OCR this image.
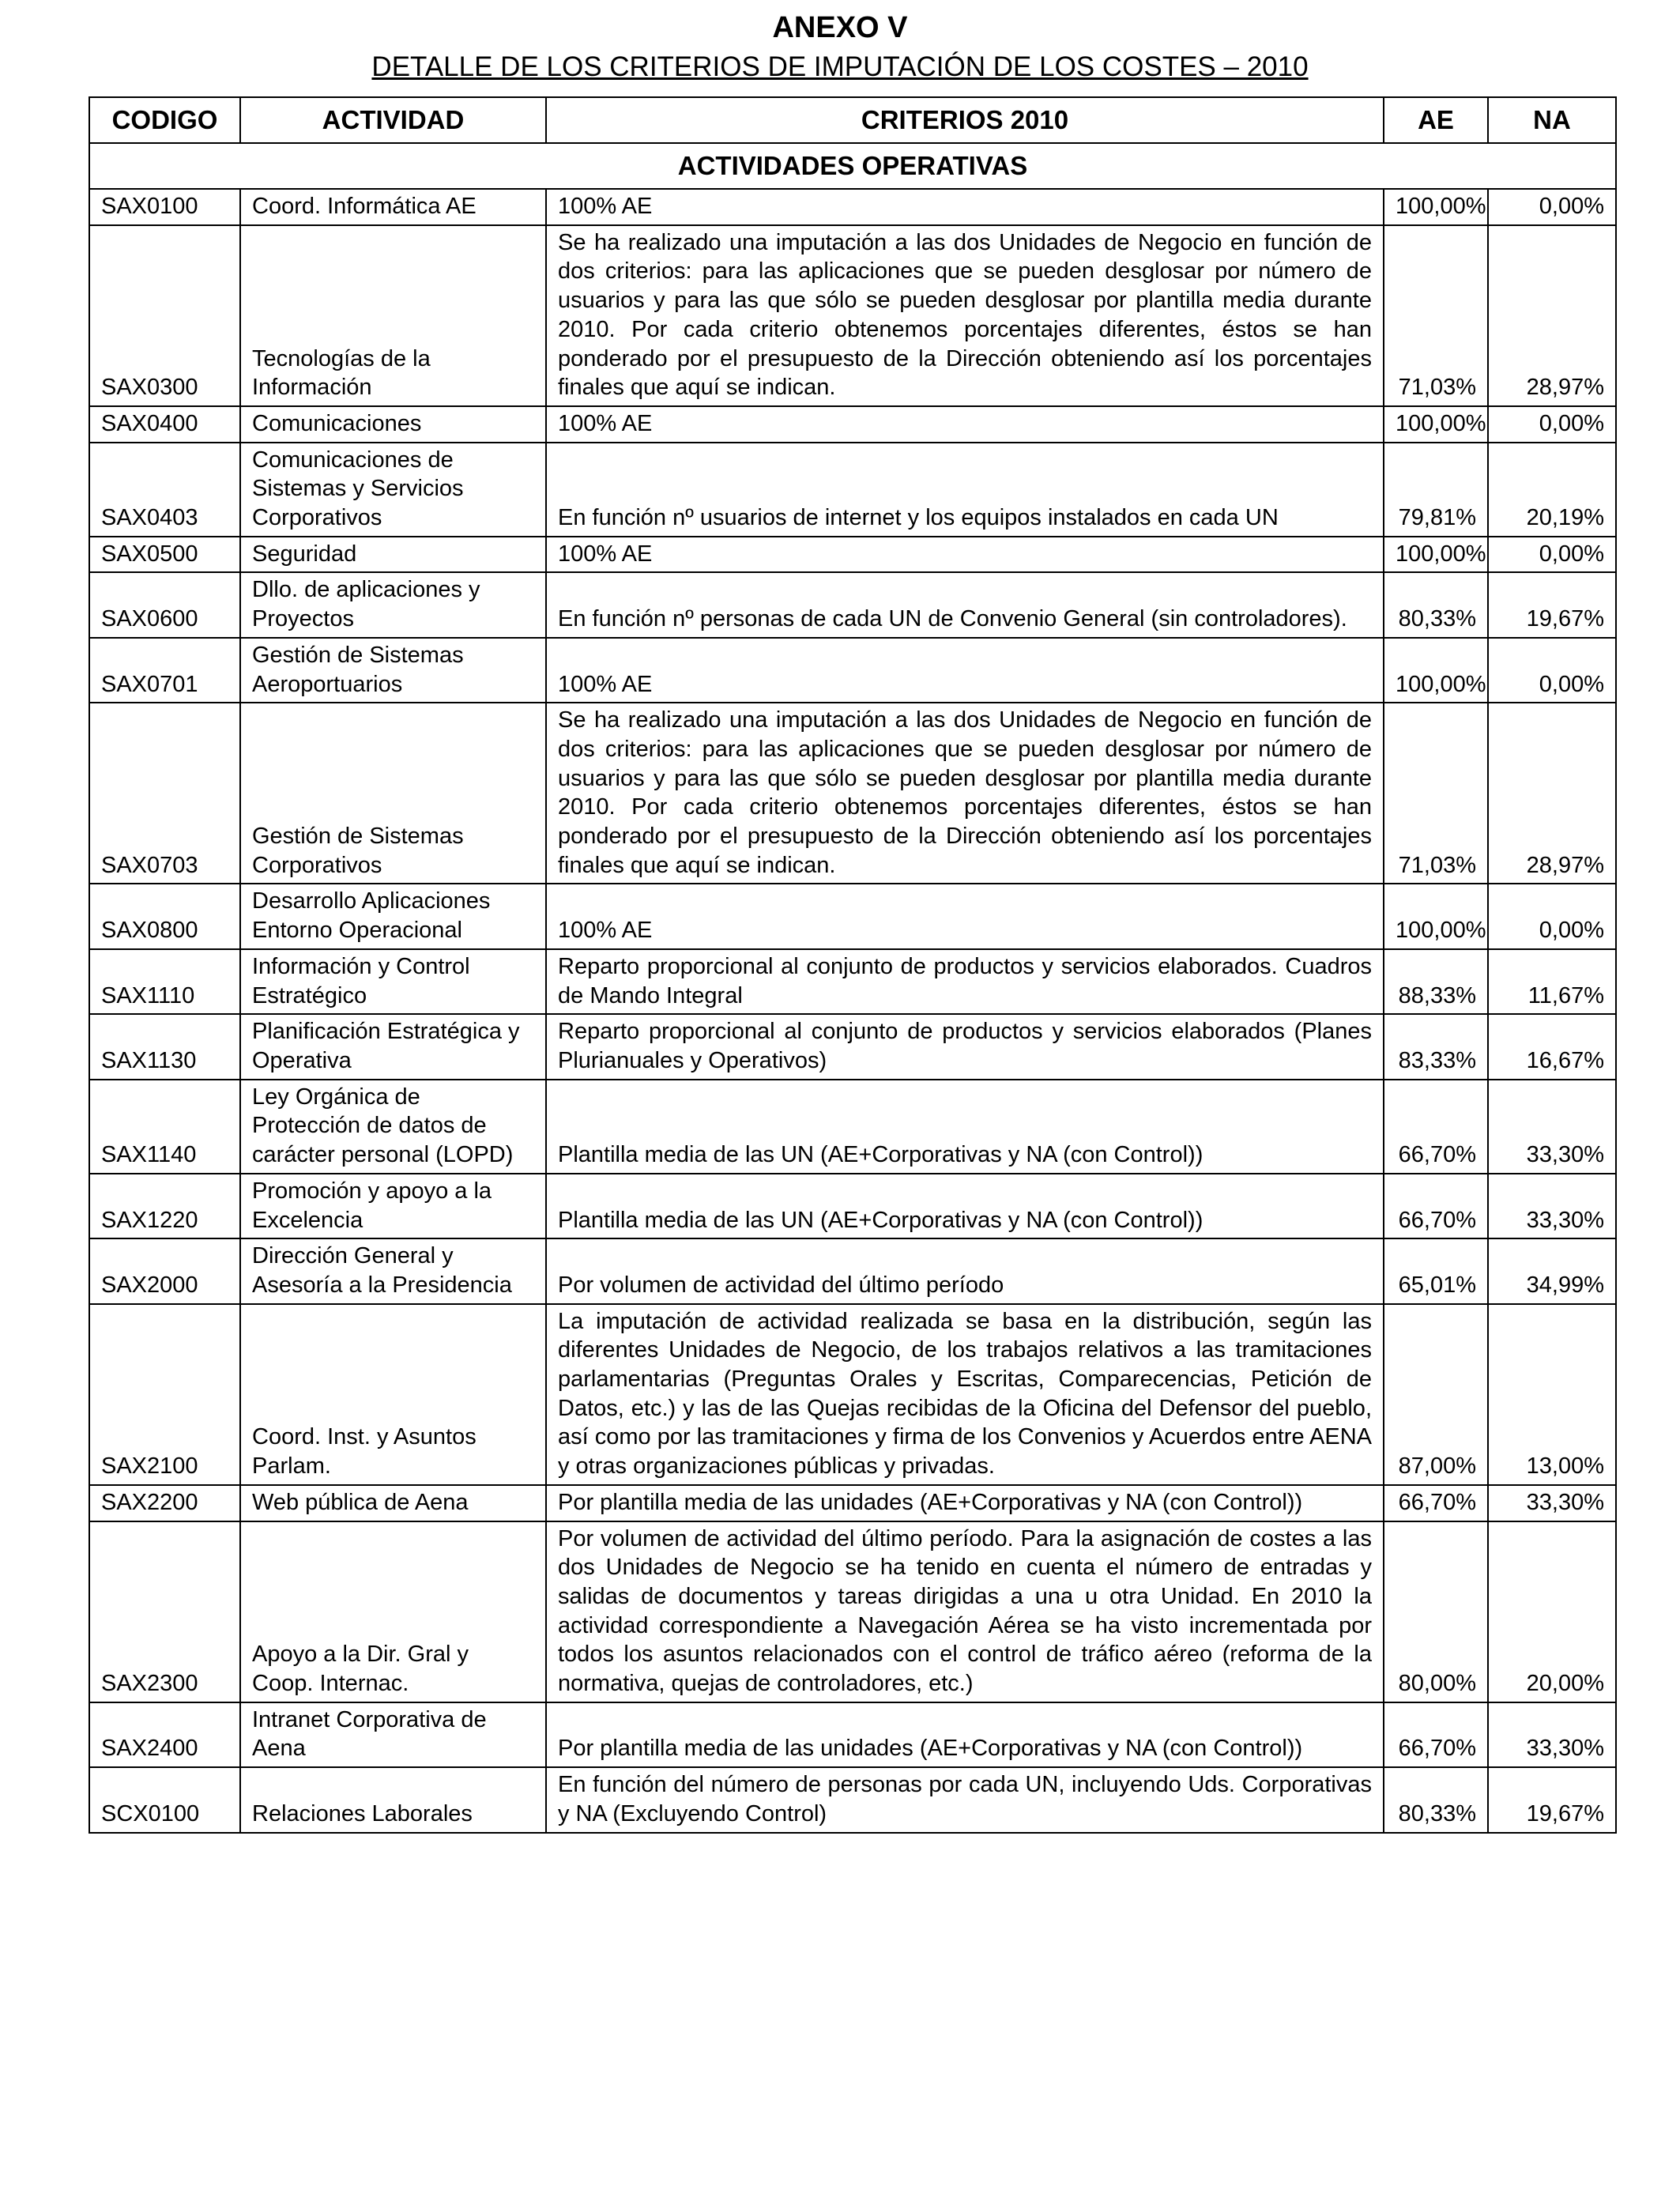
ANEXO V
DETALLE DE LOS CRITERIOS DE IMPUTACIÓN DE LOS COSTES – 2010
CODIGO	ACTIVIDAD	CRITERIOS 2010	AE	NA
ACTIVIDADES OPERATIVAS				
SAX0100	Coord. Informática AE	100% AE	100,00%	0,00%
SAX0300	Tecnologías de la Información	Se ha realizado una imputación a las dos Unidades de Negocio en función de dos criterios: para las aplicaciones que se pueden desglosar por número de usuarios y para las que sólo se pueden desglosar por plantilla media durante 2010. Por cada criterio obtenemos porcentajes diferentes, éstos se han ponderado por el presupuesto de la Dirección obteniendo así los porcentajes finales que aquí se indican.	71,03%	28,97%
SAX0400	Comunicaciones	100% AE	100,00%	0,00%
SAX0403	Comunicaciones de Sistemas y Servicios Corporativos	En función nº usuarios de internet y los equipos instalados en cada UN	79,81%	20,19%
SAX0500	Seguridad	100% AE	100,00%	0,00%
SAX0600	Dllo. de aplicaciones y Proyectos	En función nº personas de cada UN de Convenio General (sin controladores).	80,33%	19,67%
SAX0701	Gestión de Sistemas Aeroportuarios	100% AE	100,00%	0,00%
SAX0703	Gestión de Sistemas Corporativos	Se ha realizado una imputación a las dos Unidades de Negocio en función de dos criterios: para las aplicaciones que se pueden desglosar por número de usuarios y para las que sólo se pueden desglosar por plantilla media durante 2010. Por cada criterio obtenemos porcentajes diferentes, éstos se han ponderado por el presupuesto de la Dirección obteniendo así los porcentajes finales que aquí se indican.	71,03%	28,97%
SAX0800	Desarrollo Aplicaciones Entorno Operacional	100% AE	100,00%	0,00%
SAX1110	Información y Control Estratégico	Reparto proporcional al conjunto de productos y servicios elaborados. Cuadros de Mando Integral	88,33%	11,67%
SAX1130	Planificación Estratégica y Operativa	Reparto proporcional al conjunto de productos y servicios elaborados (Planes Plurianuales y Operativos)	83,33%	16,67%
SAX1140	Ley Orgánica de Protección de datos de carácter personal (LOPD)	Plantilla media de las UN (AE+Corporativas y NA (con Control))	66,70%	33,30%
SAX1220	Promoción y apoyo a la Excelencia	Plantilla media de las UN (AE+Corporativas y NA (con Control))	66,70%	33,30%
SAX2000	Dirección General y Asesoría a la Presidencia	Por volumen de actividad del último período	65,01%	34,99%
SAX2100	Coord. Inst. y Asuntos Parlam.	La imputación de actividad realizada se basa en la distribución, según las diferentes Unidades de Negocio, de los trabajos relativos a las tramitaciones parlamentarias (Preguntas Orales y Escritas, Comparecencias, Petición de Datos, etc.) y las de las Quejas recibidas de la Oficina del Defensor del pueblo, así como por las tramitaciones y firma de los Convenios y Acuerdos entre AENA y otras organizaciones públicas y privadas.	87,00%	13,00%
SAX2200	Web pública de Aena	Por plantilla media de las unidades (AE+Corporativas y NA (con Control))	66,70%	33,30%
SAX2300	Apoyo a la Dir. Gral y Coop. Internac.	Por volumen de actividad del último período. Para la asignación de costes a las dos Unidades de Negocio se ha tenido en cuenta el número de entradas y salidas de documentos y tareas dirigidas a una u otra Unidad. En 2010 la actividad correspondiente a Navegación Aérea se ha visto incrementada por todos los asuntos relacionados con el control de tráfico aéreo (reforma de la normativa, quejas de controladores, etc.)	80,00%	20,00%
SAX2400	Intranet Corporativa de Aena	Por plantilla media de las unidades (AE+Corporativas y NA (con Control))	66,70%	33,30%
SCX0100	Relaciones Laborales	En función del número de personas por cada UN, incluyendo Uds. Corporativas y NA (Excluyendo Control)	80,33%	19,67%
